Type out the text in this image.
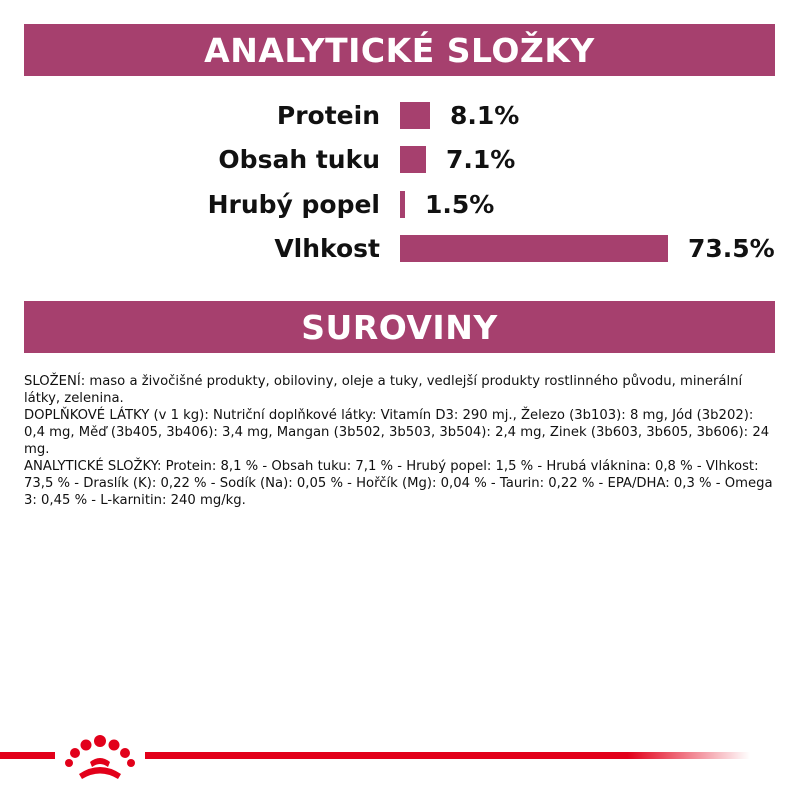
ANALYTICKÉ SLOŽKY
Protein	8.1%
Obsah tuku	7.1%
Hrubý popel 1.5%
Vlhkost	73.5%
SUROVINY

SLOŽENÍ: maso a živočišné produkty, obiloviny, oleje a tuky, vedlejší produkty rostlinného původu, minerální látky, zelenina.

DOPLŇKOVÉ LÁTKY (v 1 kg): Nutriční doplňkové látky: Vitamín D3: 290 mj., Železo (3b103): 8 mg, Jód (3b202): 0,4 mg, Měď (3b405, 3b406): 3,4 mg, Mangan (3b502, 3b503, 3b504): 2,4 mg, Zinek (3b603, 3b605, 3b606): 24 mg.

ANALYTICKÉ SLOŽKY: Protein: 8,1 % - Obsah tuku: 7,1 % - Hrubý popel: 1,5 % - Hrubá vláknina: 0,8 % - Vlhkost: 73,5 % - Draslík (K): 0,22 % - Sodík (Na): 0,05 % - Hořčík (Mg): 0,04 % - Taurin: 0,22 % - EPA/DHA: 0,3 % - Omega 3: 0,45 % - L-karnitin: 240 mg/kg.
